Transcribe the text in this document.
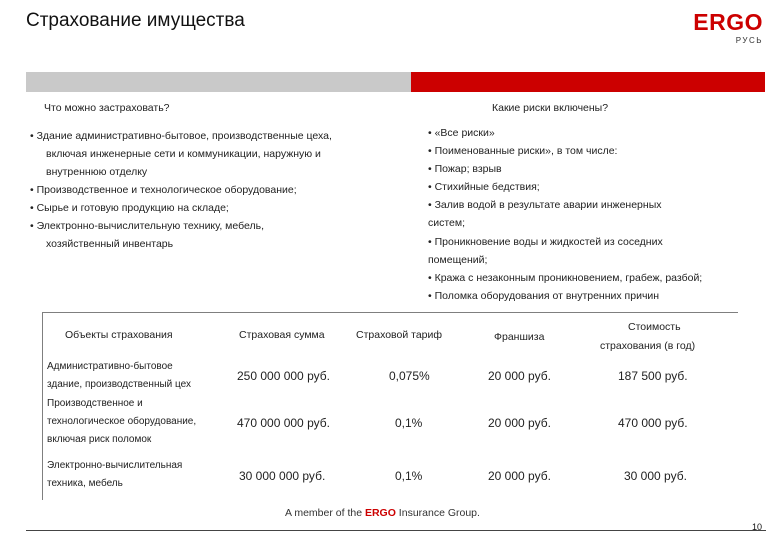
Страхование имущества	ERGO
РУСЬ
Что можно застраховать?	Какие риски включены?
• Здание административно-бытовое, производственные цеха,
включая инженерные сети и коммуникации, наружную и
внутреннюю отделку
• Производственное и технологическое оборудование;
• Сырье и готовую продукцию на складе;
• Электронно-вычислительную технику, мебель,
хозяйственный инвентарь
• «Все риски»
• Поименованные риски», в том числе:
• Пожар; взрыв
• Стихийные бедствия;
• Залив водой в результате аварии инженерных
систем;
• Проникновение воды и жидкостей из соседних
помещений;
• Кража с незаконным проникновением, грабеж, разбой;
• Поломка оборудования от внутренних причин
Объекты страхования	Страховая сумма	Страховой тариф	Франшиза
Стоимость
страхования (в год)
Административно-бытовое
здание, производственный цех
250 000 000 руб.	0,075%	20 000 руб.	187 500 руб.
Производственное и
технологическое оборудование,
включая риск поломок
470 000 000 руб.	0,1%	20 000 руб.	470 000 руб.
Электронно-вычислительная
техника, мебель
30 000 000 руб.	0,1%	20 000 руб.	30 000 руб.
A member of the ERGO Insurance Group.
10
